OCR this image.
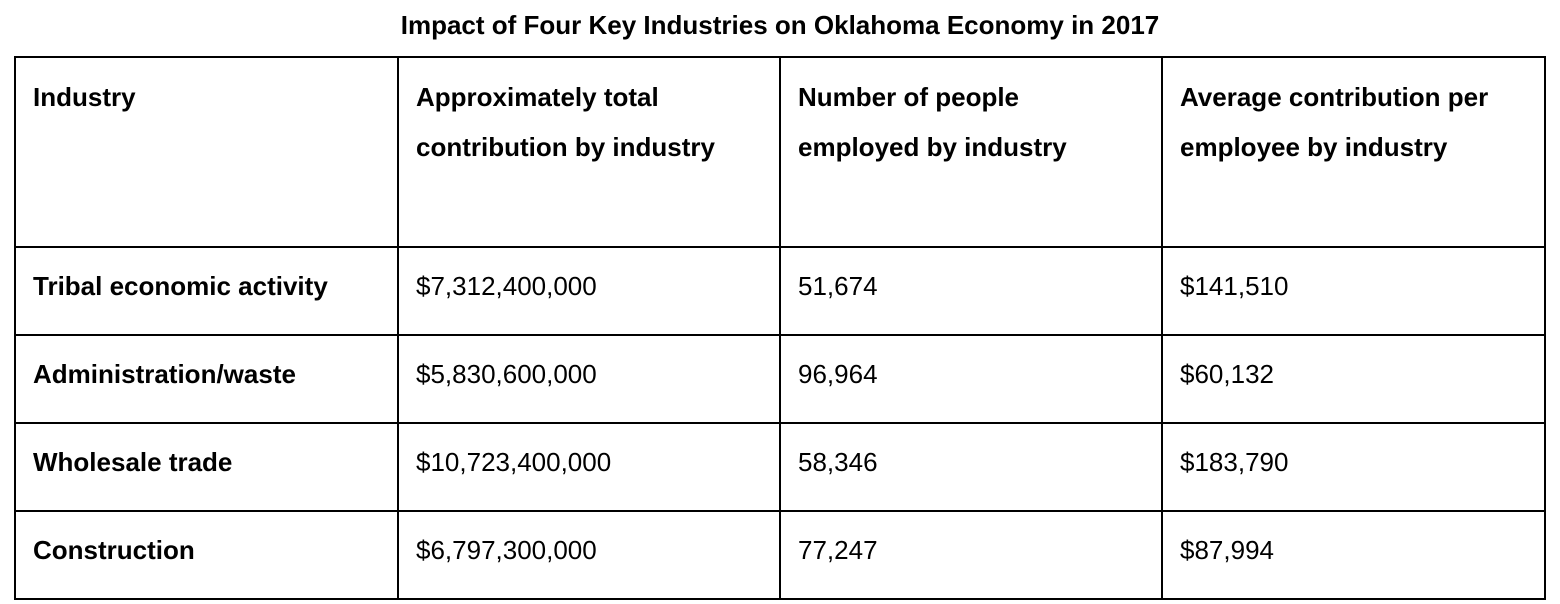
Impact of Four Key Industries on Oklahoma Economy in 2017
Industry	Approximately total contribution by industry	Number of people employed by industry	Average contribution per employee by industry
Tribal economic activity	$7,312,400,000	51,674	$141,510
Administration/waste	$5,830,600,000	96,964	$60,132
Wholesale trade	$10,723,400,000	58,346	$183,790
Construction	$6,797,300,000	77,247	$87,994
